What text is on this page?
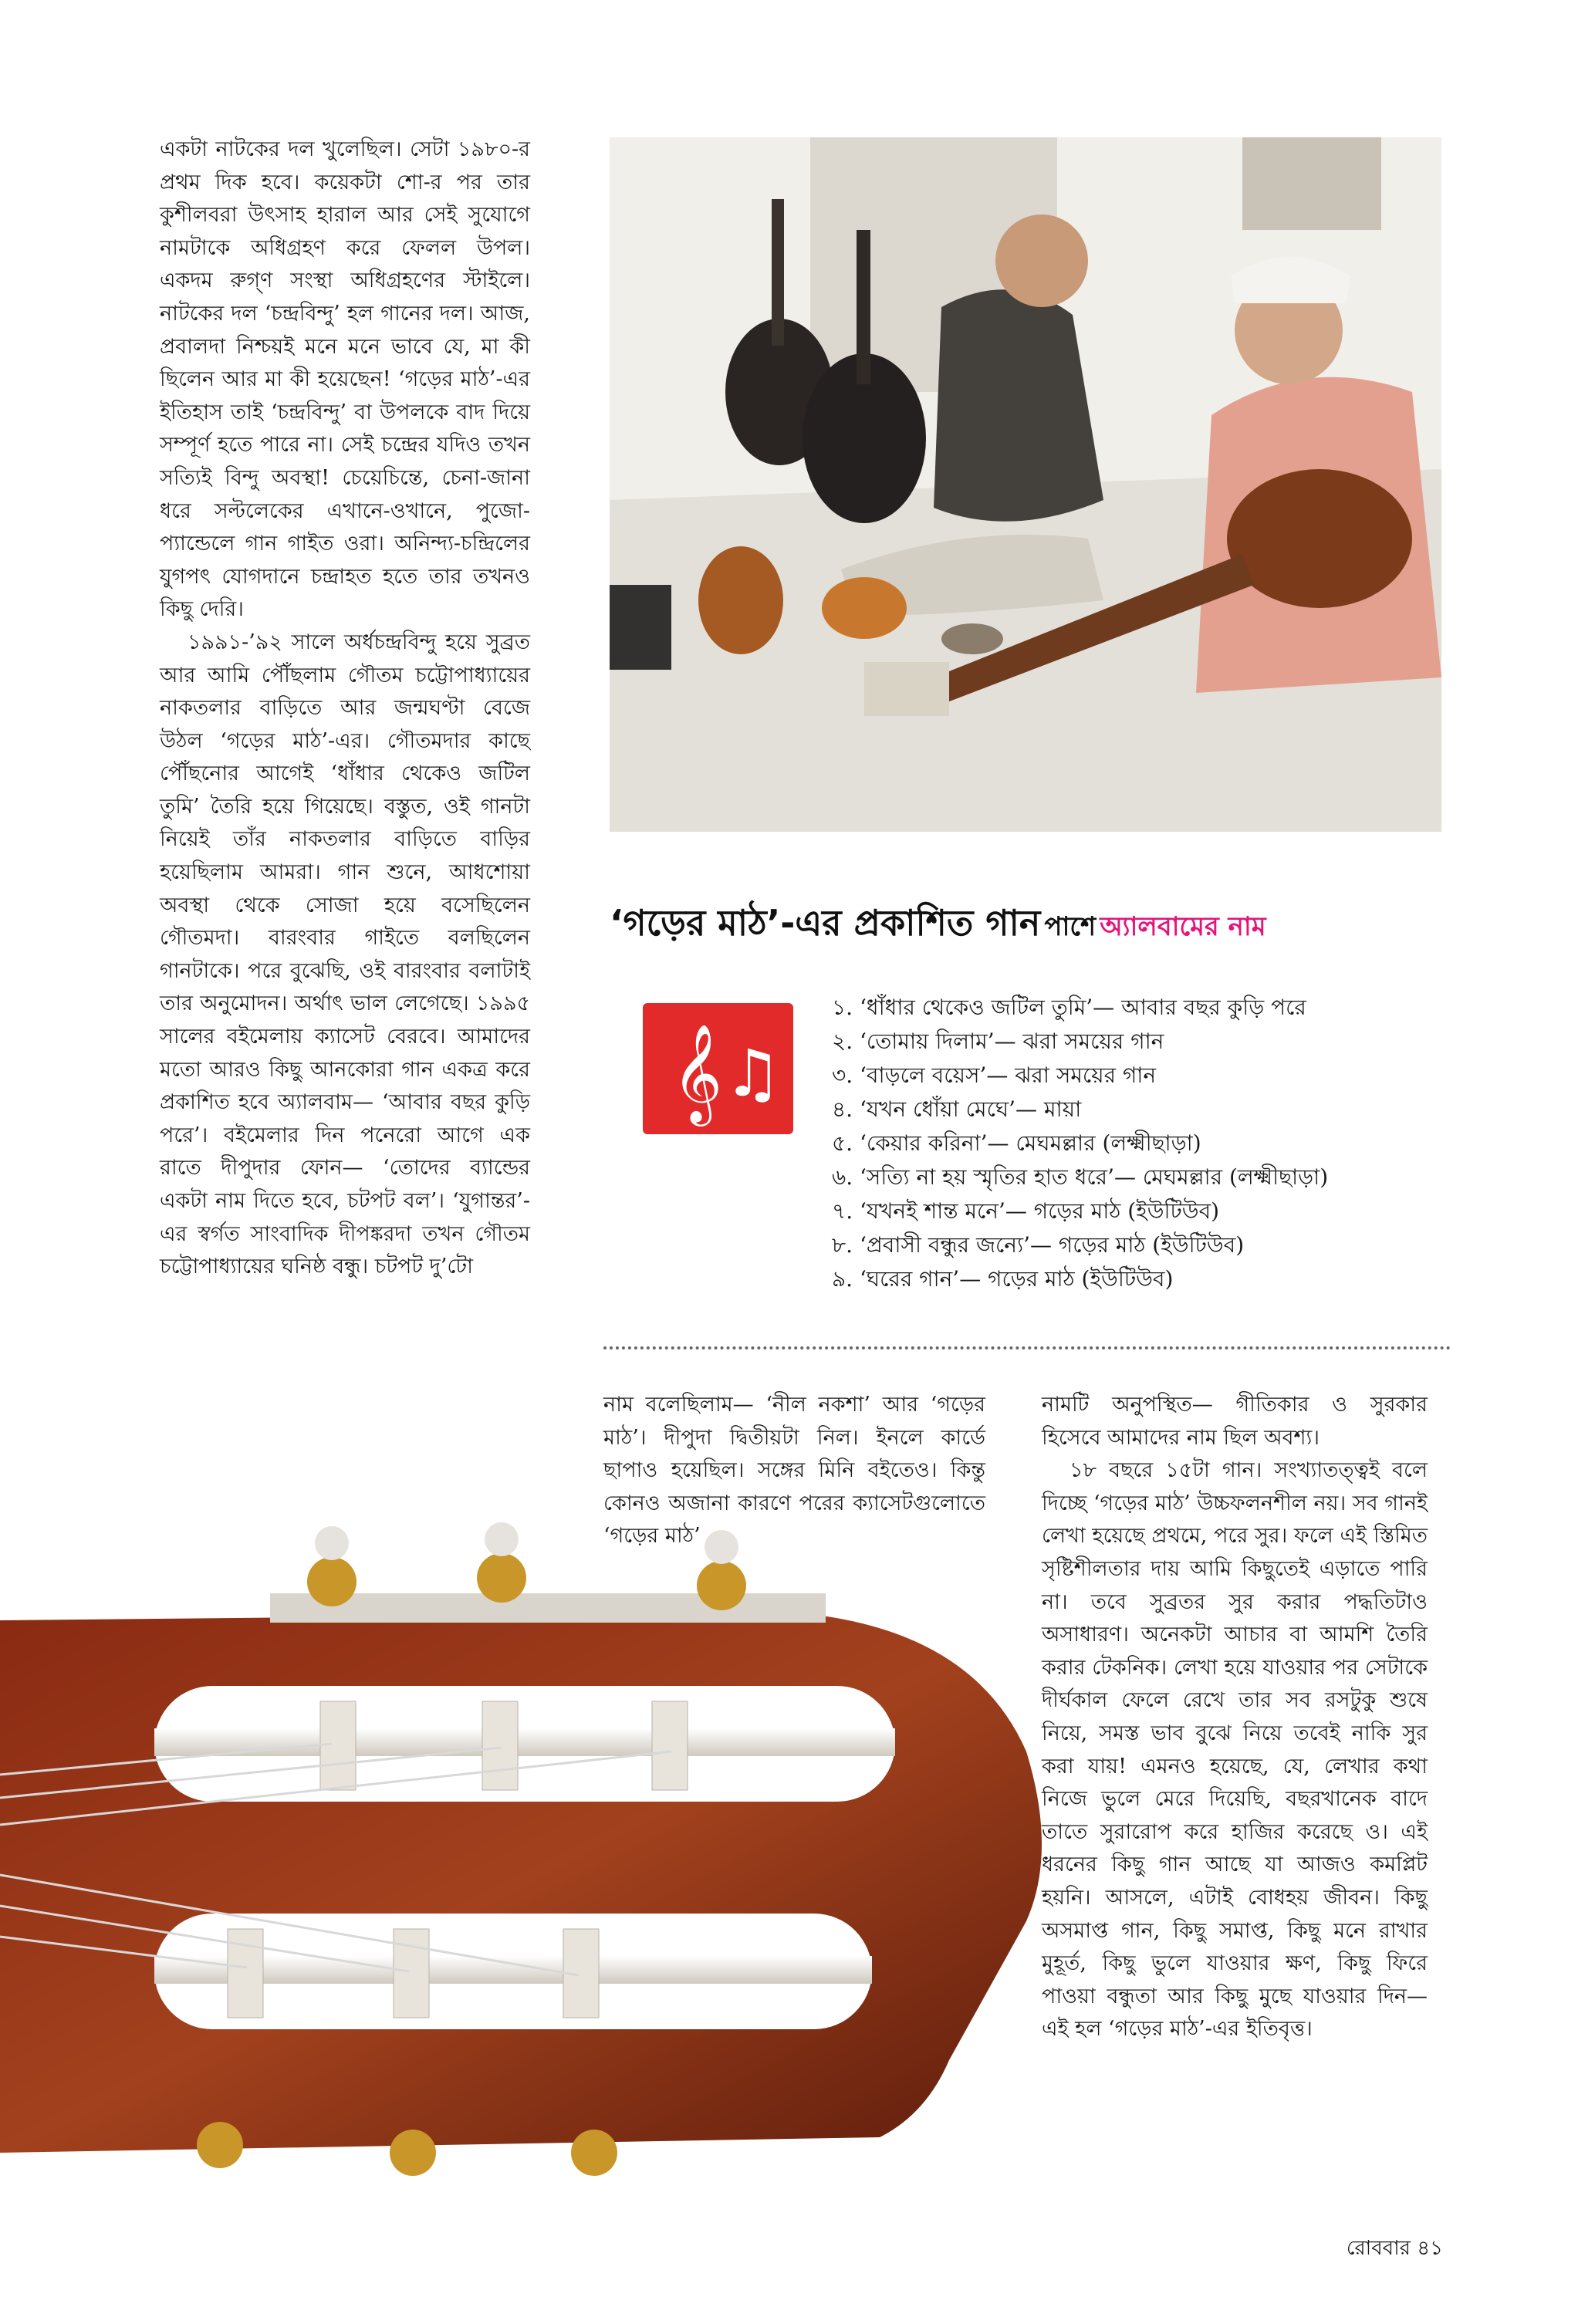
একটা নাটকের দল খুলেছিল। সেটা ১৯৮০-র প্রথম দিক হবে। কয়েকটা শো-র পর তার কুশীলবরা উৎসাহ হারাল আর সেই সুযোগে নামটাকে অধিগ্রহণ করে ফেলল উপল। একদম রুগ্‌ণ সংস্থা অধিগ্রহণের স্টাইলে। নাটকের দল ‘চন্দ্রবিন্দু’ হল গানের দল। আজ, প্রবালদা নিশ্চয়ই মনে মনে ভাবে যে, মা কী ছিলেন আর মা কী হয়েছেন! ‘গড়ের মাঠ’-এর ইতিহাস তাই ‘চন্দ্রবিন্দু’ বা উপলকে বাদ দিয়ে সম্পূর্ণ হতে পারে না। সেই চন্দ্রের যদিও তখন সত্যিই বিন্দু অবস্থা! চেয়েচিন্তে, চেনা-জানা ধরে সল্টলেকের এখানে-ওখানে, পুজো-প্যান্ডেলে গান গাইত ওরা। অনিন্দ্য-চন্দ্রিলের যুগপৎ যোগদানে চন্দ্রাহত হতে তার তখনও কিছু দেরি।

১৯৯১-’৯২ সালে অর্ধচন্দ্রবিন্দু হয়ে সুব্রত আর আমি পৌঁছলাম গৌতম চট্টোপাধ্যায়ের নাকতলার বাড়িতে আর জন্মঘণ্টা বেজে উঠল ‘গড়ের মাঠ’-এর। গৌতমদার কাছে পৌঁছনোর আগেই ‘ধাঁধার থেকেও জটিল তুমি’ তৈরি হয়ে গিয়েছে। বস্তুত, ওই গানটা নিয়েই তাঁর নাকতলার বাড়িতে বাড়ির হয়েছিলাম আমরা। গান শুনে, আধশোয়া অবস্থা থেকে সোজা হয়ে বসেছিলেন গৌতমদা। বারংবার গাইতে বলছিলেন গানটাকে। পরে বুঝেছি, ওই বারংবার বলাটাই তার অনুমোদন। অর্থাৎ ভাল লেগেছে। ১৯৯৫ সালের বইমেলায় ক্যাসেট বেরবে। আমাদের মতো আরও কিছু আনকোরা গান একত্র করে প্রকাশিত হবে অ্যালবাম— ‘আবার বছর কুড়ি পরে’। বইমেলার দিন পনেরো আগে এক রাতে দীপুদার ফোন— ‘তোদের ব্যান্ডের একটা নাম দিতে হবে, চটপট বল’। ‘যুগান্তর’-এর স্বর্গত সাংবাদিক দীপঙ্করদা তখন গৌতম চট্টোপাধ্যায়ের ঘনিষ্ঠ বন্ধু। চটপট দু’টো

‘গড়ের মাঠ’-এর প্রকাশিত গান পাশে অ্যালবামের নাম
𝄞 ♫
১. ‘ধাঁধার থেকেও জটিল তুমি’— আবার বছর কুড়ি পরে
২. ‘তোমায় দিলাম’— ঝরা সময়ের গান
৩. ‘বাড়লে বয়েস’— ঝরা সময়ের গান
৪. ‘যখন ধোঁয়া মেঘে’— মায়া
৫. ‘কেয়ার করিনা’— মেঘমল্লার (লক্ষ্মীছাড়া)
৬. ‘সত্যি না হয় স্মৃতির হাত ধরে’— মেঘমল্লার (লক্ষ্মীছাড়া)
৭. ‘যখনই শান্ত মনে’— গড়ের মাঠ (ইউটিউব)
৮. ‘প্রবাসী বন্ধুর জন্যে’— গড়ের মাঠ (ইউটিউব)
৯. ‘ঘরের গান’— গড়ের মাঠ (ইউটিউব)

নাম বলেছিলাম— ‘নীল নকশা’ আর ‘গড়ের মাঠ’। দীপুদা দ্বিতীয়টা নিল। ইনলে কার্ডে ছাপাও হয়েছিল। সঙ্গের মিনি বইতেও। কিন্তু কোনও অজানা কারণে পরের ক্যাসেটগুলোতে ‘গড়ের মাঠ’

নামটি অনুপস্থিত— গীতিকার ও সুরকার হিসেবে আমাদের নাম ছিল অবশ্য।

১৮ বছরে ১৫টা গান। সংখ্যাতত্ত্বই বলে দিচ্ছে ‘গড়ের মাঠ’ উচ্চফলনশীল নয়। সব গানই লেখা হয়েছে প্রথমে, পরে সুর। ফলে এই স্তিমিত সৃষ্টিশীলতার দায় আমি কিছুতেই এড়াতে পারি না। তবে সুব্রতর সুর করার পদ্ধতিটাও অসাধারণ। অনেকটা আচার বা আমশি তৈরি করার টেকনিক। লেখা হয়ে যাওয়ার পর সেটাকে দীর্ঘকাল ফেলে রেখে তার সব রসটুকু শুষে নিয়ে, সমস্ত ভাব বুঝে নিয়ে তবেই নাকি সুর করা যায়! এমনও হয়েছে, যে, লেখার কথা নিজে ভুলে মেরে দিয়েছি, বছরখানেক বাদে তাতে সুরারোপ করে হাজির করেছে ও। এই ধরনের কিছু গান আছে যা আজও কমপ্লিট হয়নি। আসলে, এটাই বোধহয় জীবন। কিছু অসমাপ্ত গান, কিছু সমাপ্ত, কিছু মনে রাখার মুহূর্ত, কিছু ভুলে যাওয়ার ক্ষণ, কিছু ফিরে পাওয়া বন্ধুতা আর কিছু মুছে যাওয়ার দিন— এই হল ‘গড়ের মাঠ’-এর ইতিবৃত্ত।

রোববার ৪১
